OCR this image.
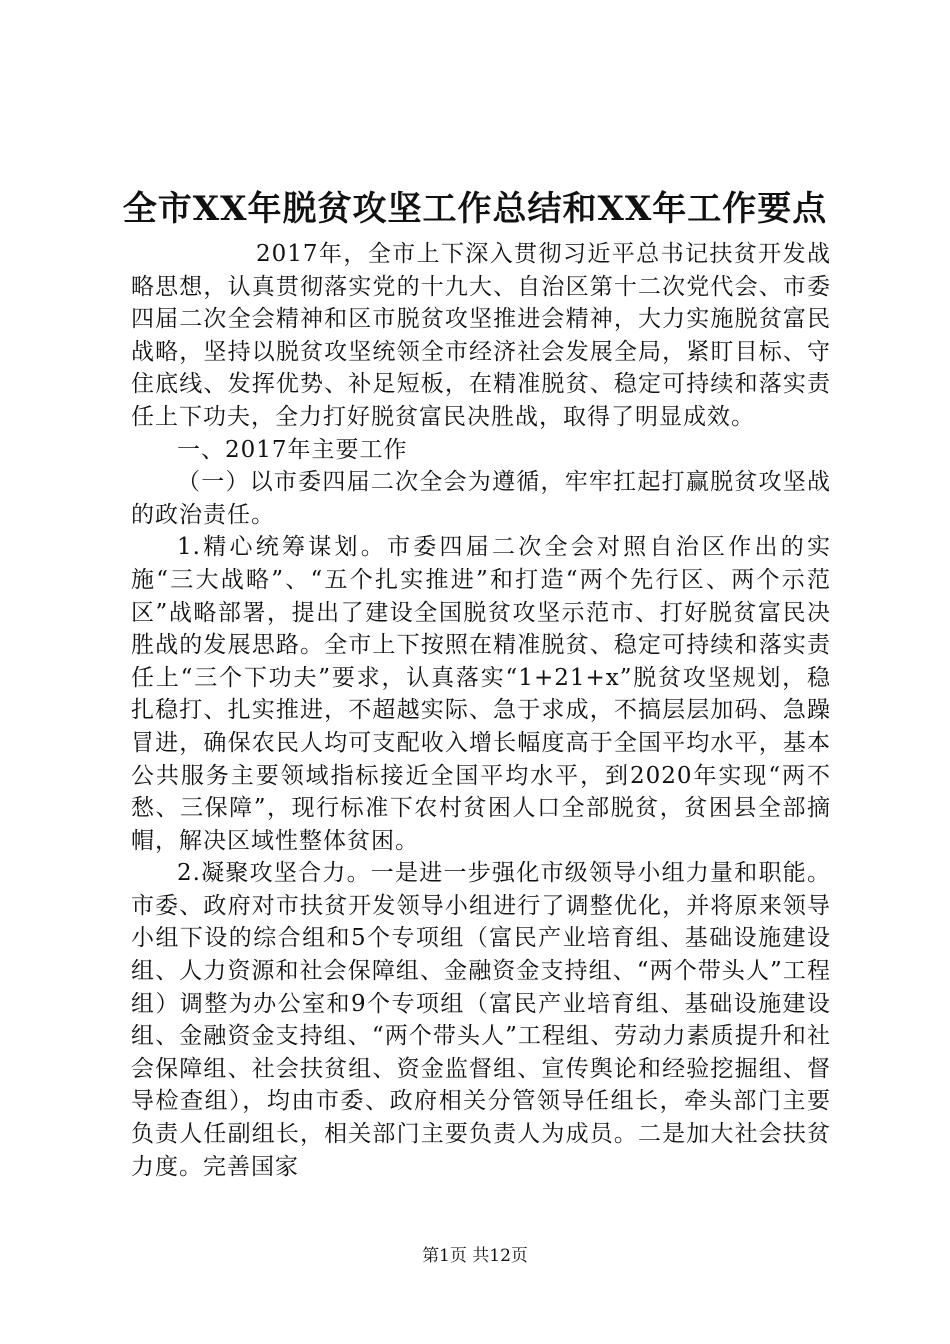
全市XX年脱贫攻坚工作总结和XX年工作要点

2017年，全市上下深入贯彻习近平总书记扶贫开发战略思想，认真贯彻落实党的十九大、自治区第十二次党代会、市委四届二次全会精神和区市脱贫攻坚推进会精神，大力实施脱贫富民战略，坚持以脱贫攻坚统领全市经济社会发展全局，紧盯目标、守住底线、发挥优势、补足短板，在精准脱贫、稳定可持续和落实责任上下功夫，全力打好脱贫富民决胜战，取得了明显成效。

一、2017年主要工作

（一）以市委四届二次全会为遵循，牢牢扛起打赢脱贫攻坚战的政治责任。

1.精心统筹谋划。市委四届二次全会对照自治区作出的实施“三大战略”、“五个扎实推进”和打造“两个先行区、两个示范区”战略部署，提出了建设全国脱贫攻坚示范市、打好脱贫富民决胜战的发展思路。全市上下按照在精准脱贫、稳定可持续和落实责任上“三个下功夫”要求，认真落实“1+21+x”脱贫攻坚规划，稳扎稳打、扎实推进，不超越实际、急于求成，不搞层层加码、急躁冒进，确保农民人均可支配收入增长幅度高于全国平均水平，基本公共服务主要领域指标接近全国平均水平，到2020年实现“两不愁、三保障”，现行标准下农村贫困人口全部脱贫，贫困县全部摘帽，解决区域性整体贫困。

2.凝聚攻坚合力。一是进一步强化市级领导小组力量和职能。市委、政府对市扶贫开发领导小组进行了调整优化，并将原来领导小组下设的综合组和5个专项组（富民产业培育组、基础设施建设组、人力资源和社会保障组、金融资金支持组、“两个带头人”工程组）调整为办公室和9个专项组（富民产业培育组、基础设施建设组、金融资金支持组、“两个带头人”工程组、劳动力素质提升和社会保障组、社会扶贫组、资金监督组、宣传舆论和经验挖掘组、督导检查组），均由市委、政府相关分管领导任组长，牵头部门主要负责人任副组长，相关部门主要负责人为成员。二是加大社会扶贫力度。完善国家

第1页 共12页
